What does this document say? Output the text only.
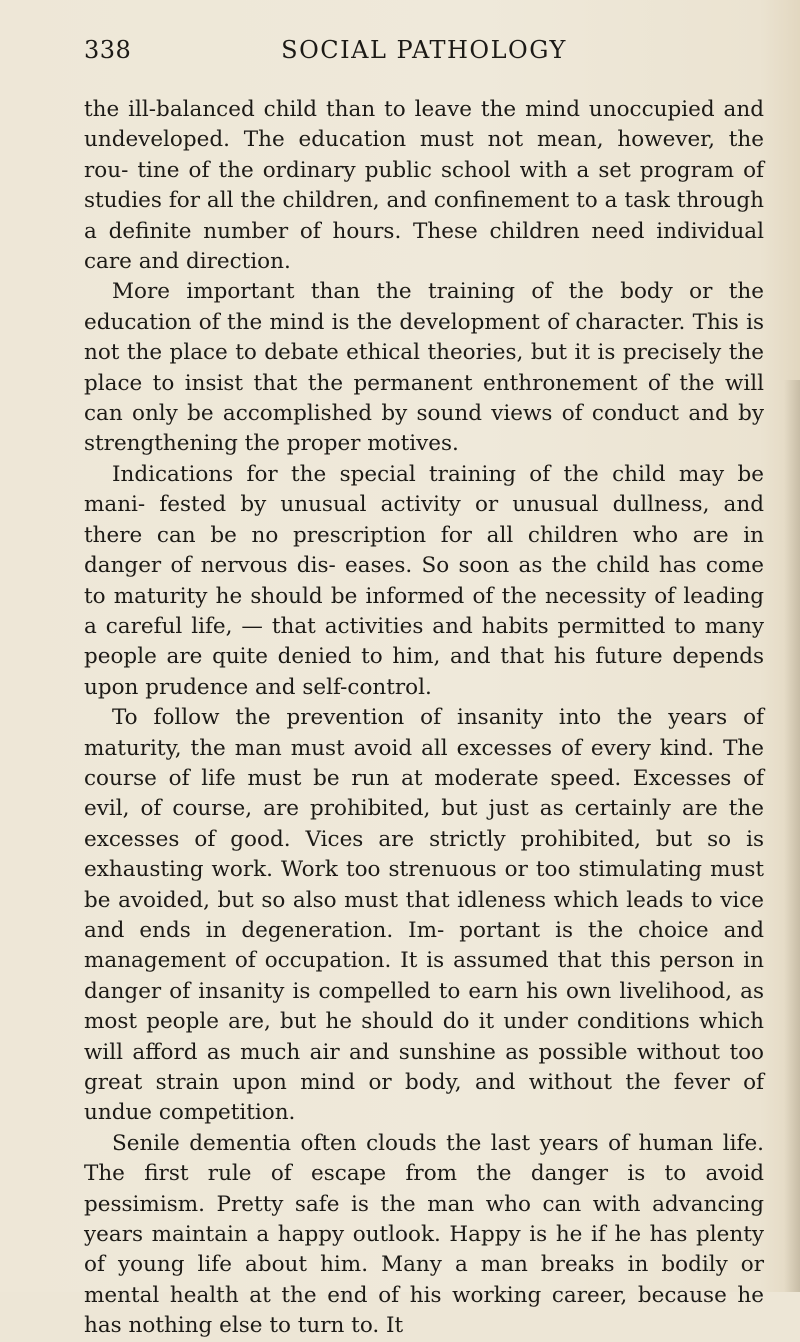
338	SOCIAL PATHOLOGY

the ill-balanced child than to leave the mind unoccupied and undeveloped. The education must not mean, however, the rou- tine of the ordinary public school with a set program of studies for all the children, and confinement to a task through a definite number of hours. These children need individual care and direction.

More important than the training of the body or the education of the mind is the development of character. This is not the place to debate ethical theories, but it is precisely the place to insist that the permanent enthronement of the will can only be accomplished by sound views of conduct and by strengthening the proper motives.

Indications for the special training of the child may be mani- fested by unusual activity or unusual dullness, and there can be no prescription for all children who are in danger of nervous dis- eases. So soon as the child has come to maturity he should be informed of the necessity of leading a careful life, — that activities and habits permitted to many people are quite denied to him, and that his future depends upon prudence and self-control.

To follow the prevention of insanity into the years of maturity, the man must avoid all excesses of every kind. The course of life must be run at moderate speed. Excesses of evil, of course, are prohibited, but just as certainly are the excesses of good. Vices are strictly prohibited, but so is exhausting work. Work too strenuous or too stimulating must be avoided, but so also must that idleness which leads to vice and ends in degeneration. Im- portant is the choice and management of occupation. It is assumed that this person in danger of insanity is compelled to earn his own livelihood, as most people are, but he should do it under conditions which will afford as much air and sunshine as possible without too great strain upon mind or body, and without the fever of undue competition.

Senile dementia often clouds the last years of human life. The first rule of escape from the danger is to avoid pessimism. Pretty safe is the man who can with advancing years maintain a happy outlook. Happy is he if he has plenty of young life about him. Many a man breaks in bodily or mental health at the end of his working career, because he has nothing else to turn to. It
